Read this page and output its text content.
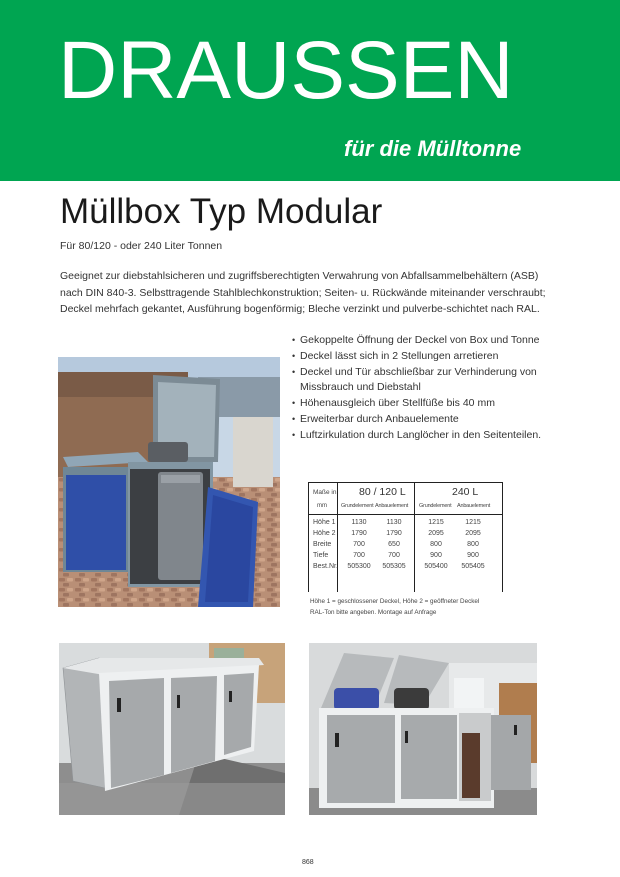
DRAUSSEN
für die Mülltonne
Müllbox Typ Modular
Für 80/120 - oder 240 Liter Tonnen
Geeignet zur diebstahlsicheren und zugriffsberechtigten Verwahrung von Abfallsammelbehältern (ASB) nach DIN 840-3. Selbsttragende Stahlblechkonstruktion; Seiten- u. Rückwände miteinander verschraubt; Deckel mehrfach gekantet, Ausführung bogenförmig; Bleche verzinkt und pulverbe-schichtet nach RAL.
• Gekoppelte Öffnung der Deckel von Box und Tonne
• Deckel lässt sich in 2 Stellungen arretieren
• Deckel und Tür abschließbar zur Verhinderung von Missbrauch und Diebstahl
• Höhenausgleich über Stellfüße bis 40 mm
• Erweiterbar durch Anbauelemente
• Luftzirkulation durch Langlöcher in den Seitenteilen.
Maße in
mm
80 / 120 L	240 L
Grundelement Anbauelement Grundelement Anbauelement
Höhe 1	1130	1130	1215	1215
Höhe 2	1790	1790	2095	2095
Breite	700	650	800	800
Tiefe	700	700	900	900
Best.Nr.	505300	505305	505400	505405
Höhe 1 = geschlossener Deckel, Höhe 2 = geöffneter Deckel
RAL-Ton bitte angeben. Montage auf Anfrage
868
